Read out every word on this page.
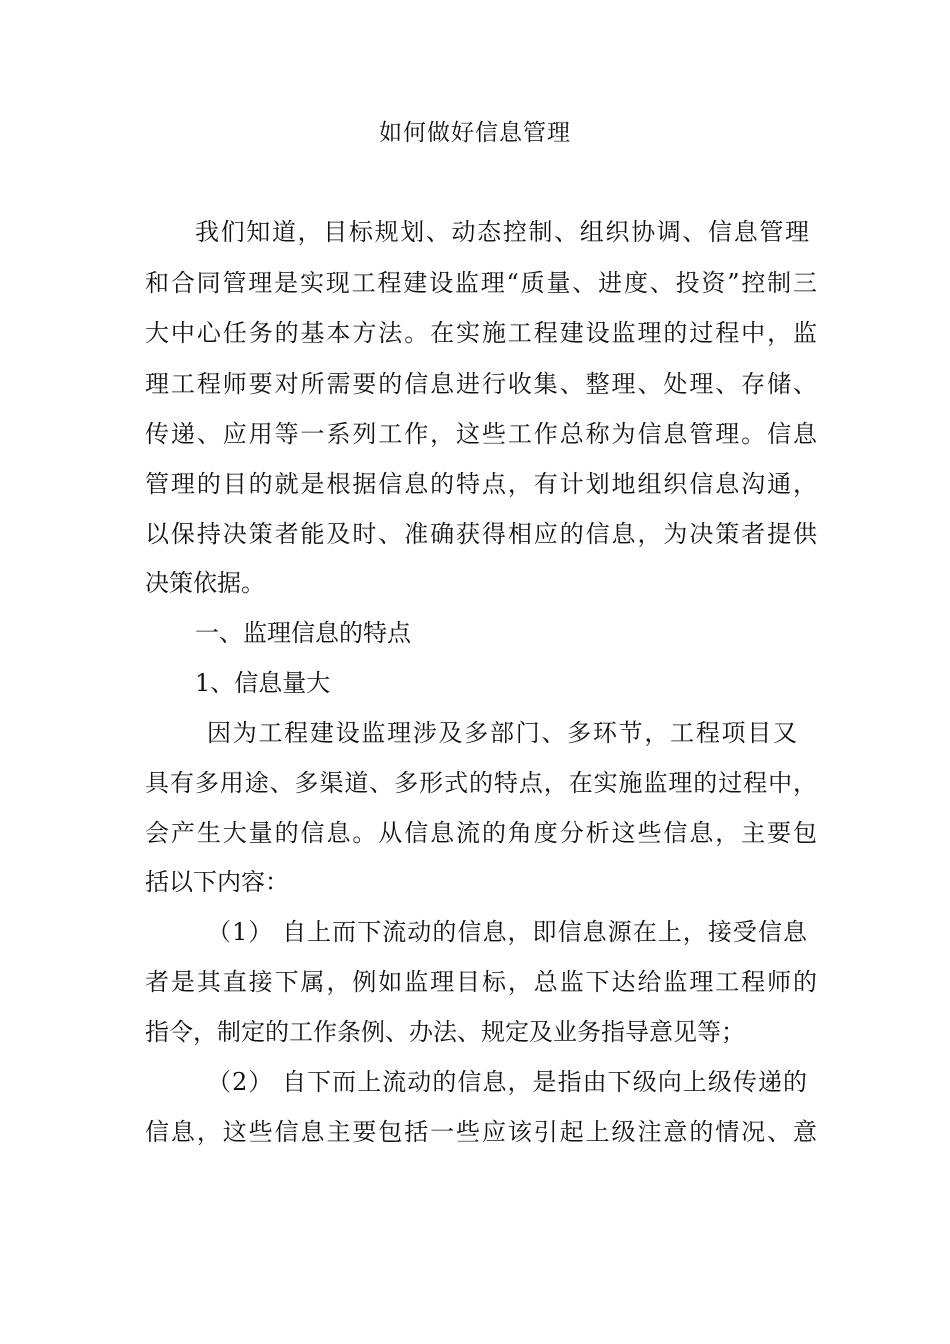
如何做好信息管理

我们知道，目标规划、动态控制、组织协调、信息管理

和合同管理是实现工程建设监理“质量、进度、投资”控制三

大中心任务的基本方法。在实施工程建设监理的过程中，监

理工程师要对所需要的信息进行收集、整理、处理、存储、

传递、应用等一系列工作，这些工作总称为信息管理。信息

管理的目的就是根据信息的特点，有计划地组织信息沟通，

以保持决策者能及时、准确获得相应的信息，为决策者提供

决策依据。

一、监理信息的特点

1、信息量大

因为工程建设监理涉及多部门、多环节，工程项目又

具有多用途、多渠道、多形式的特点，在实施监理的过程中，

会产生大量的信息。从信息流的角度分析这些信息，主要包

括以下内容：

（1） 自上而下流动的信息，即信息源在上，接受信息

者是其直接下属，例如监理目标，总监下达给监理工程师的

指令，制定的工作条例、办法、规定及业务指导意见等；

（2） 自下而上流动的信息，是指由下级向上级传递的

信息，这些信息主要包括一些应该引起上级注意的情况、意
